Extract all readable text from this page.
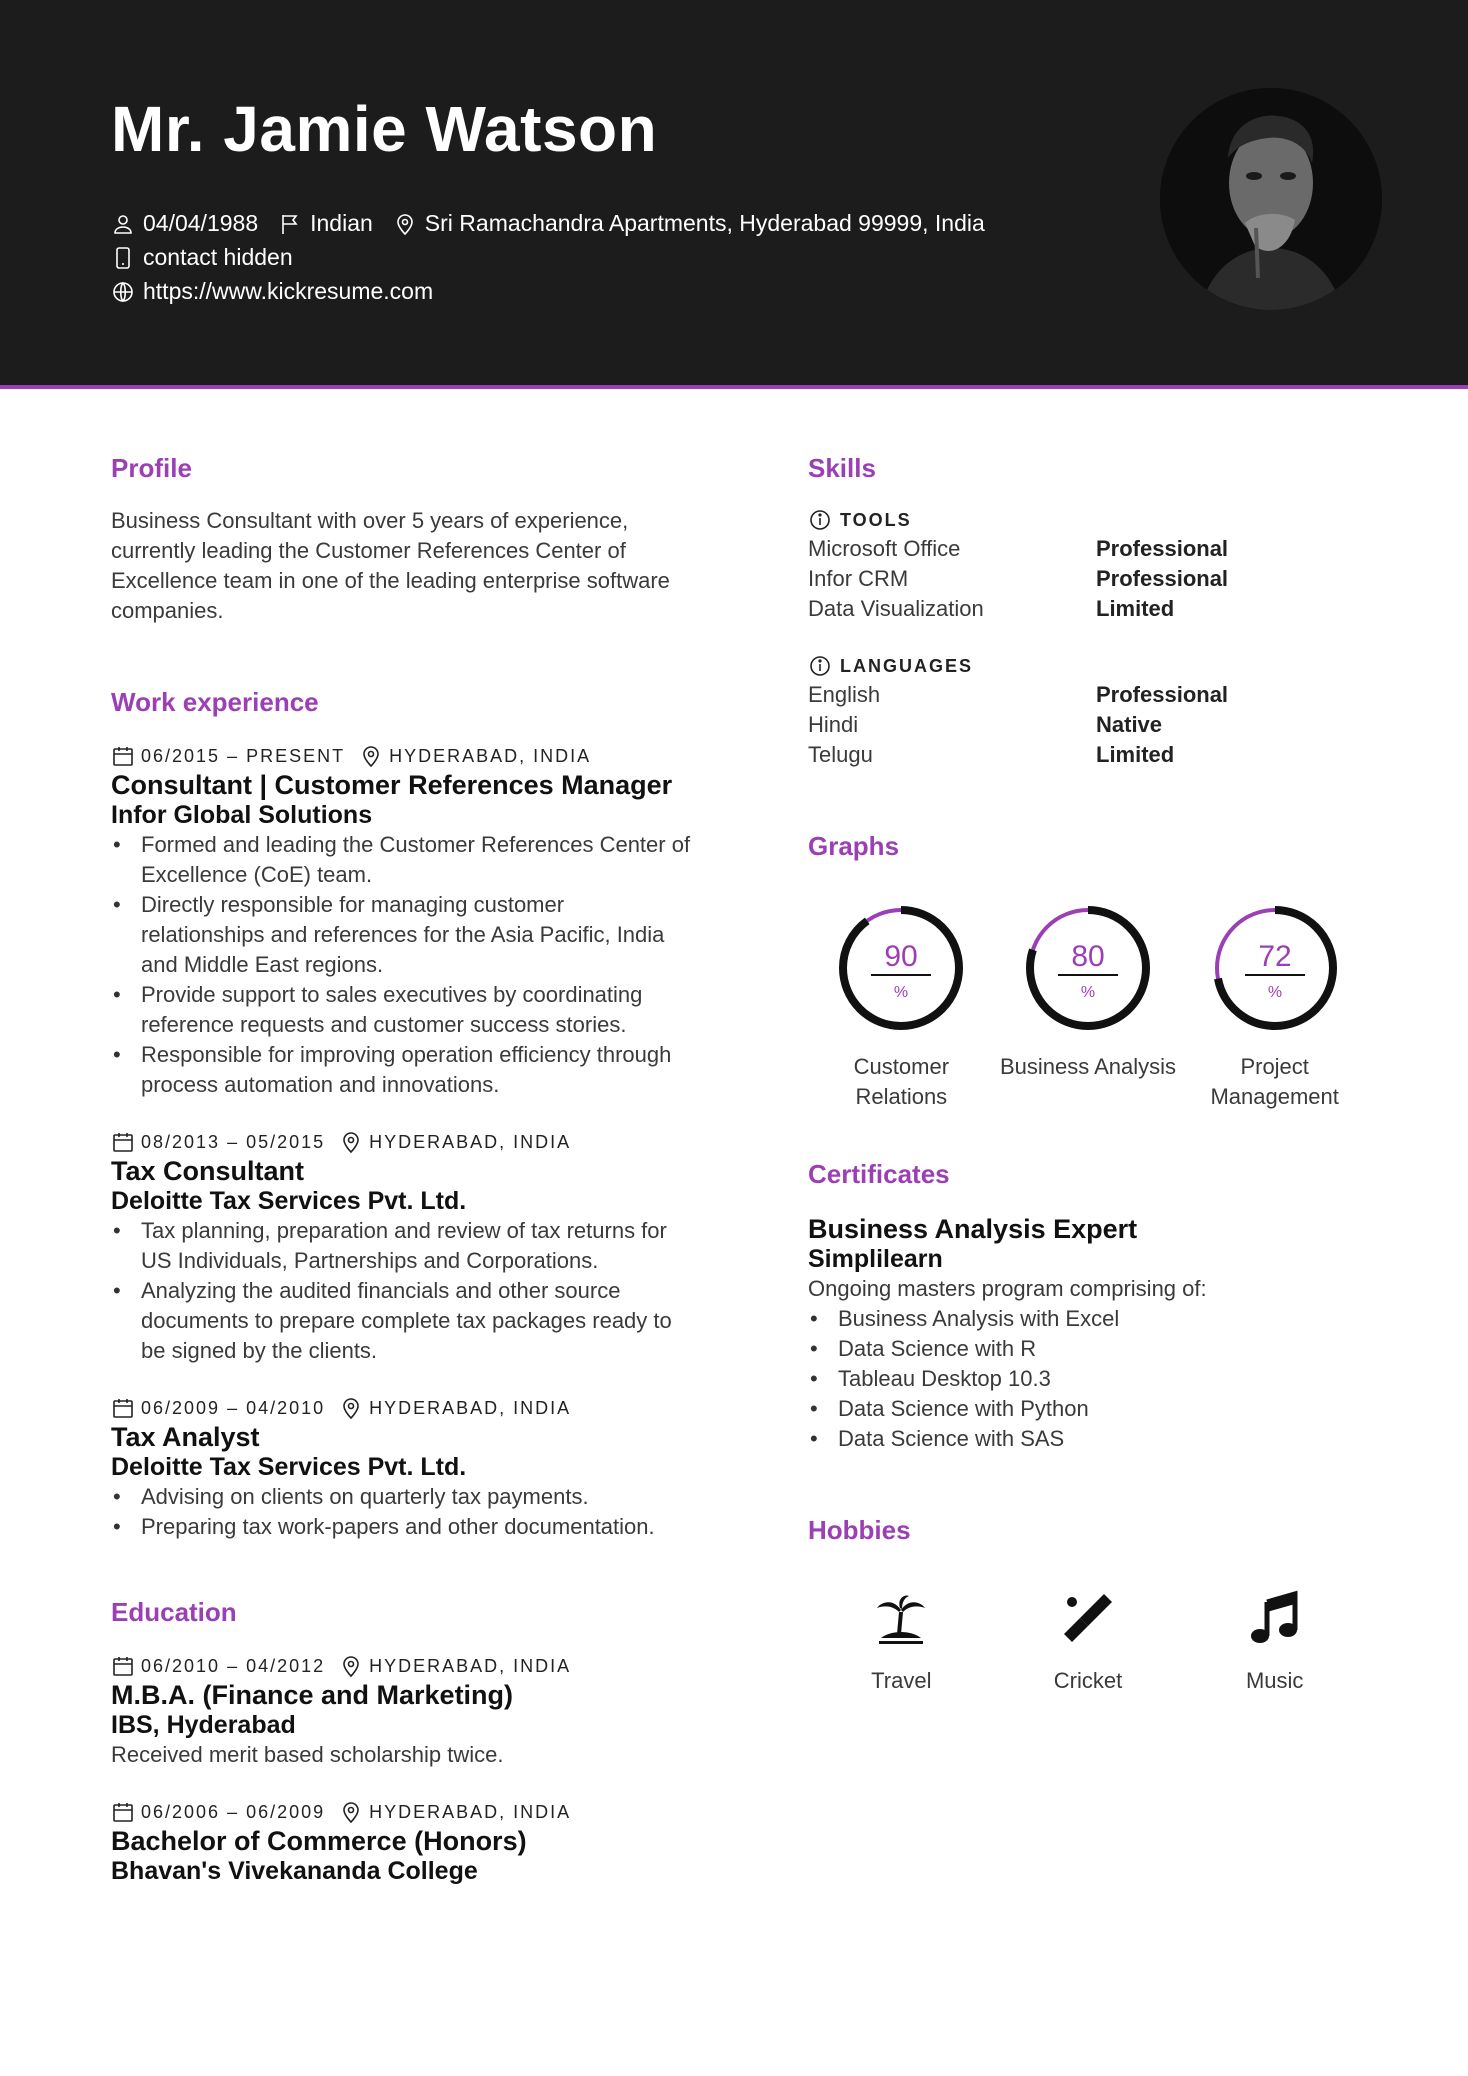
Mr. Jamie Watson
04/04/1988 Indian Sri Ramachandra Apartments, Hyderabad 99999, India
contact hidden
https://www.kickresume.com
Profile
Business Consultant with over 5 years of experience,
currently leading the Customer References Center of
Excellence team in one of the leading enterprise software
companies.
Work experience
06/2015 – PRESENT HYDERABAD, INDIA
Consultant | Customer References Manager
Infor Global Solutions
• Formed and leading the Customer References Center of
Excellence (CoE) team.
• Directly responsible for managing customer
relationships and references for the Asia Pacific, India
and Middle East regions.
• Provide support to sales executives by coordinating
reference requests and customer success stories.
• Responsible for improving operation efficiency through
process automation and innovations.
08/2013 – 05/2015 HYDERABAD, INDIA
Tax Consultant
Deloitte Tax Services Pvt. Ltd.
• Tax planning, preparation and review of tax returns for
US Individuals, Partnerships and Corporations.
• Analyzing the audited financials and other source
documents to prepare complete tax packages ready to
be signed by the clients.
06/2009 – 04/2010 HYDERABAD, INDIA
Tax Analyst
Deloitte Tax Services Pvt. Ltd.
• Advising on clients on quarterly tax payments.
• Preparing tax work-papers and other documentation.
Education
06/2010 – 04/2012 HYDERABAD, INDIA
M.B.A. (Finance and Marketing)
IBS, Hyderabad
Received merit based scholarship twice.
06/2006 – 06/2009 HYDERABAD, INDIA
Bachelor of Commerce (Honors)
Bhavan's Vivekananda College
Skills
TOOLS
Microsoft Office	Professional
Infor CRM	Professional
Data Visualization	Limited
LANGUAGES
English	Professional
Hindi	Native
Telugu	Limited
Graphs
90
%
Customer Relations
80
%
Business Analysis
72
%
Project
Management
Certificates
Business Analysis Expert
Simplilearn
Ongoing masters program comprising of:
• Business Analysis with Excel
• Data Science with R
• Tableau Desktop 10.3
• Data Science with Python
• Data Science with SAS
Hobbies
Travel	Cricket	Music
